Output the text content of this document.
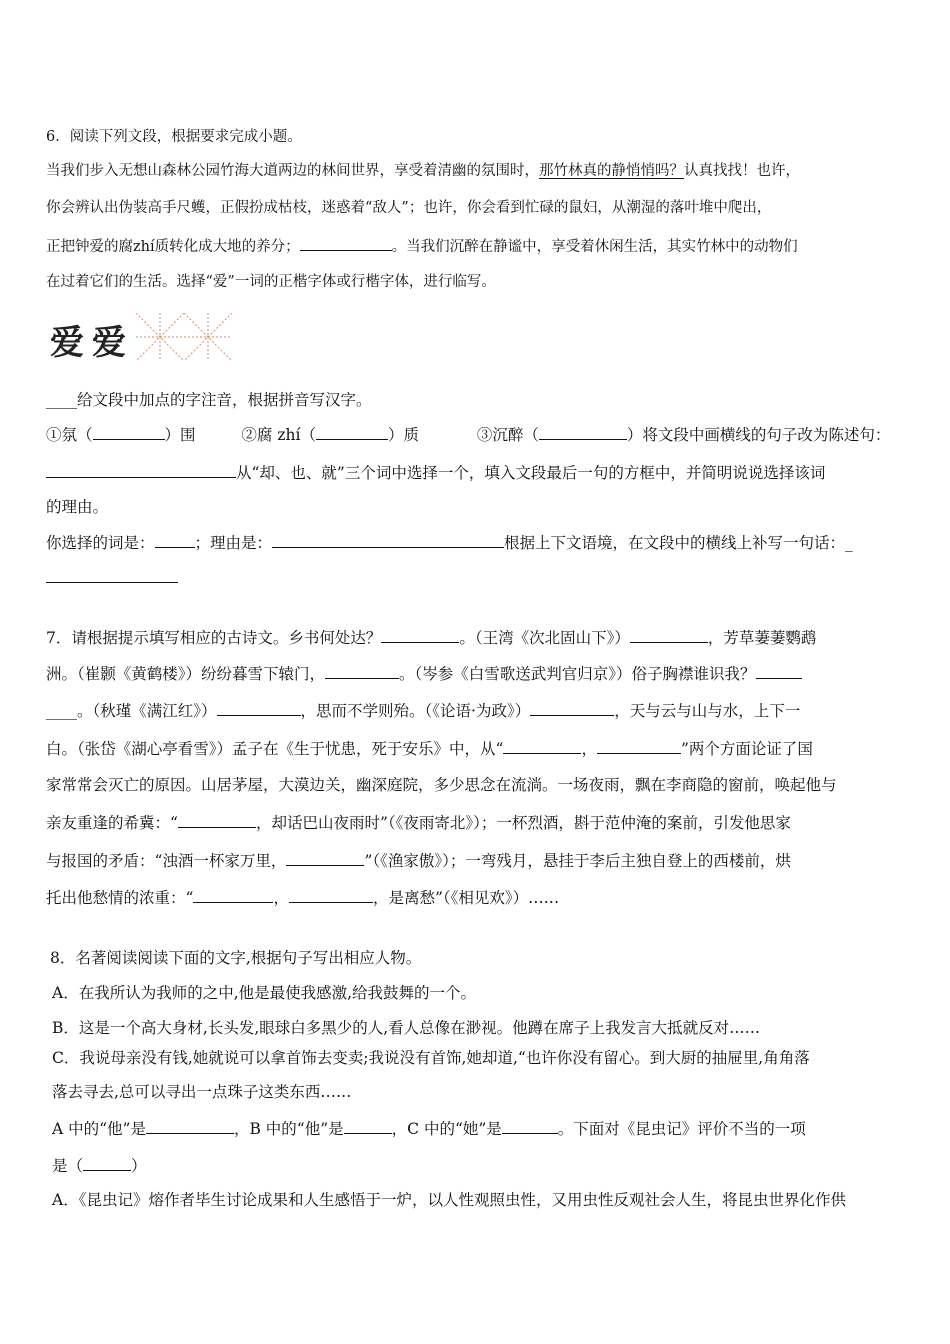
6．阅读下列文段，根据要求完成小题。
当我们步入无想山森林公园竹海大道两边的林间世界，享受着清幽的氛围时，那竹林真的静悄悄吗？认真找找！也许，
你会辨认出伪装高手尺蠖，正假扮成枯枝，迷惑着“敌人”；也许，你会看到忙碌的鼠妇，从潮湿的落叶堆中爬出，
正把钟爱的腐zhí质转化成大地的养分；	。当我们沉醉在静谧中，享受着休闲生活，其实竹林中的动物们
在过着它们的生活。选择“爱”一词的正楷字体或行楷字体，进行临写。
爱 爱
____给文段中加点的字注音，根据拼音写汉字。
①氛（	）围	②腐 zhí（	）质	③沉醉（	）将文段中画横线的句子改为陈述句：
从“却、也、就”三个词中选择一个，填入文段最后一句的方框中，并简明说说选择该词
的理由。
你选择的词是：	；理由是：	根据上下文语境，在文段中的横线上补写一句话：_
7．请根据提示填写相应的古诗文。乡书何处达？	。（王湾《次北固山下》）	，芳草萋萋鹦鹉
洲。（崔颢《黄鹤楼》）纷纷暮雪下辕门，	。（岑参《白雪歌送武判官归京》）俗子胸襟谁识我？
____。（秋瑾《满江红》）	，思而不学则殆。（《论语·为政》）	，天与云与山与水，上下一
白。（张岱《湖心亭看雪》）孟子在《生于忧患，死于安乐》中，从“	，	”两个方面论证了国
家常常会灭亡的原因。山居茅屋，大漠边关，幽深庭院，多少思念在流淌。一场夜雨，飘在李商隐的窗前，唤起他与
亲友重逢的希冀：“	，却话巴山夜雨时”（《夜雨寄北》）；一杯烈酒，斟于范仲淹的案前，引发他思家
与报国的矛盾：“浊酒一杯家万里，	”（《渔家傲》）；一弯残月，悬挂于李后主独自登上的西楼前，烘
托出他愁情的浓重：“	，	，是离愁”（《相见欢》）……
8．名著阅读阅读下面的文字,根据句子写出相应人物。
A．在我所认为我师的之中,他是最使我感激,给我鼓舞的一个。
B．这是一个高大身材,长头发,眼球白多黑少的人,看人总像在渺视。他蹲在席子上我发言大抵就反对……
C．我说母亲没有钱,她就说可以拿首饰去变卖;我说没有首饰,她却道,“也许你没有留心。到大厨的抽屉里,角角落
落去寻去,总可以寻出一点珠子这类东西……
A 中的“他”是	，B 中的“他”是	，C 中的“她”是	。下面对《昆虫记》评价不当的一项
是（	）
A．《昆虫记》熔作者毕生讨论成果和人生感悟于一炉，以人性观照虫性，又用虫性反观社会人生，将昆虫世界化作供
